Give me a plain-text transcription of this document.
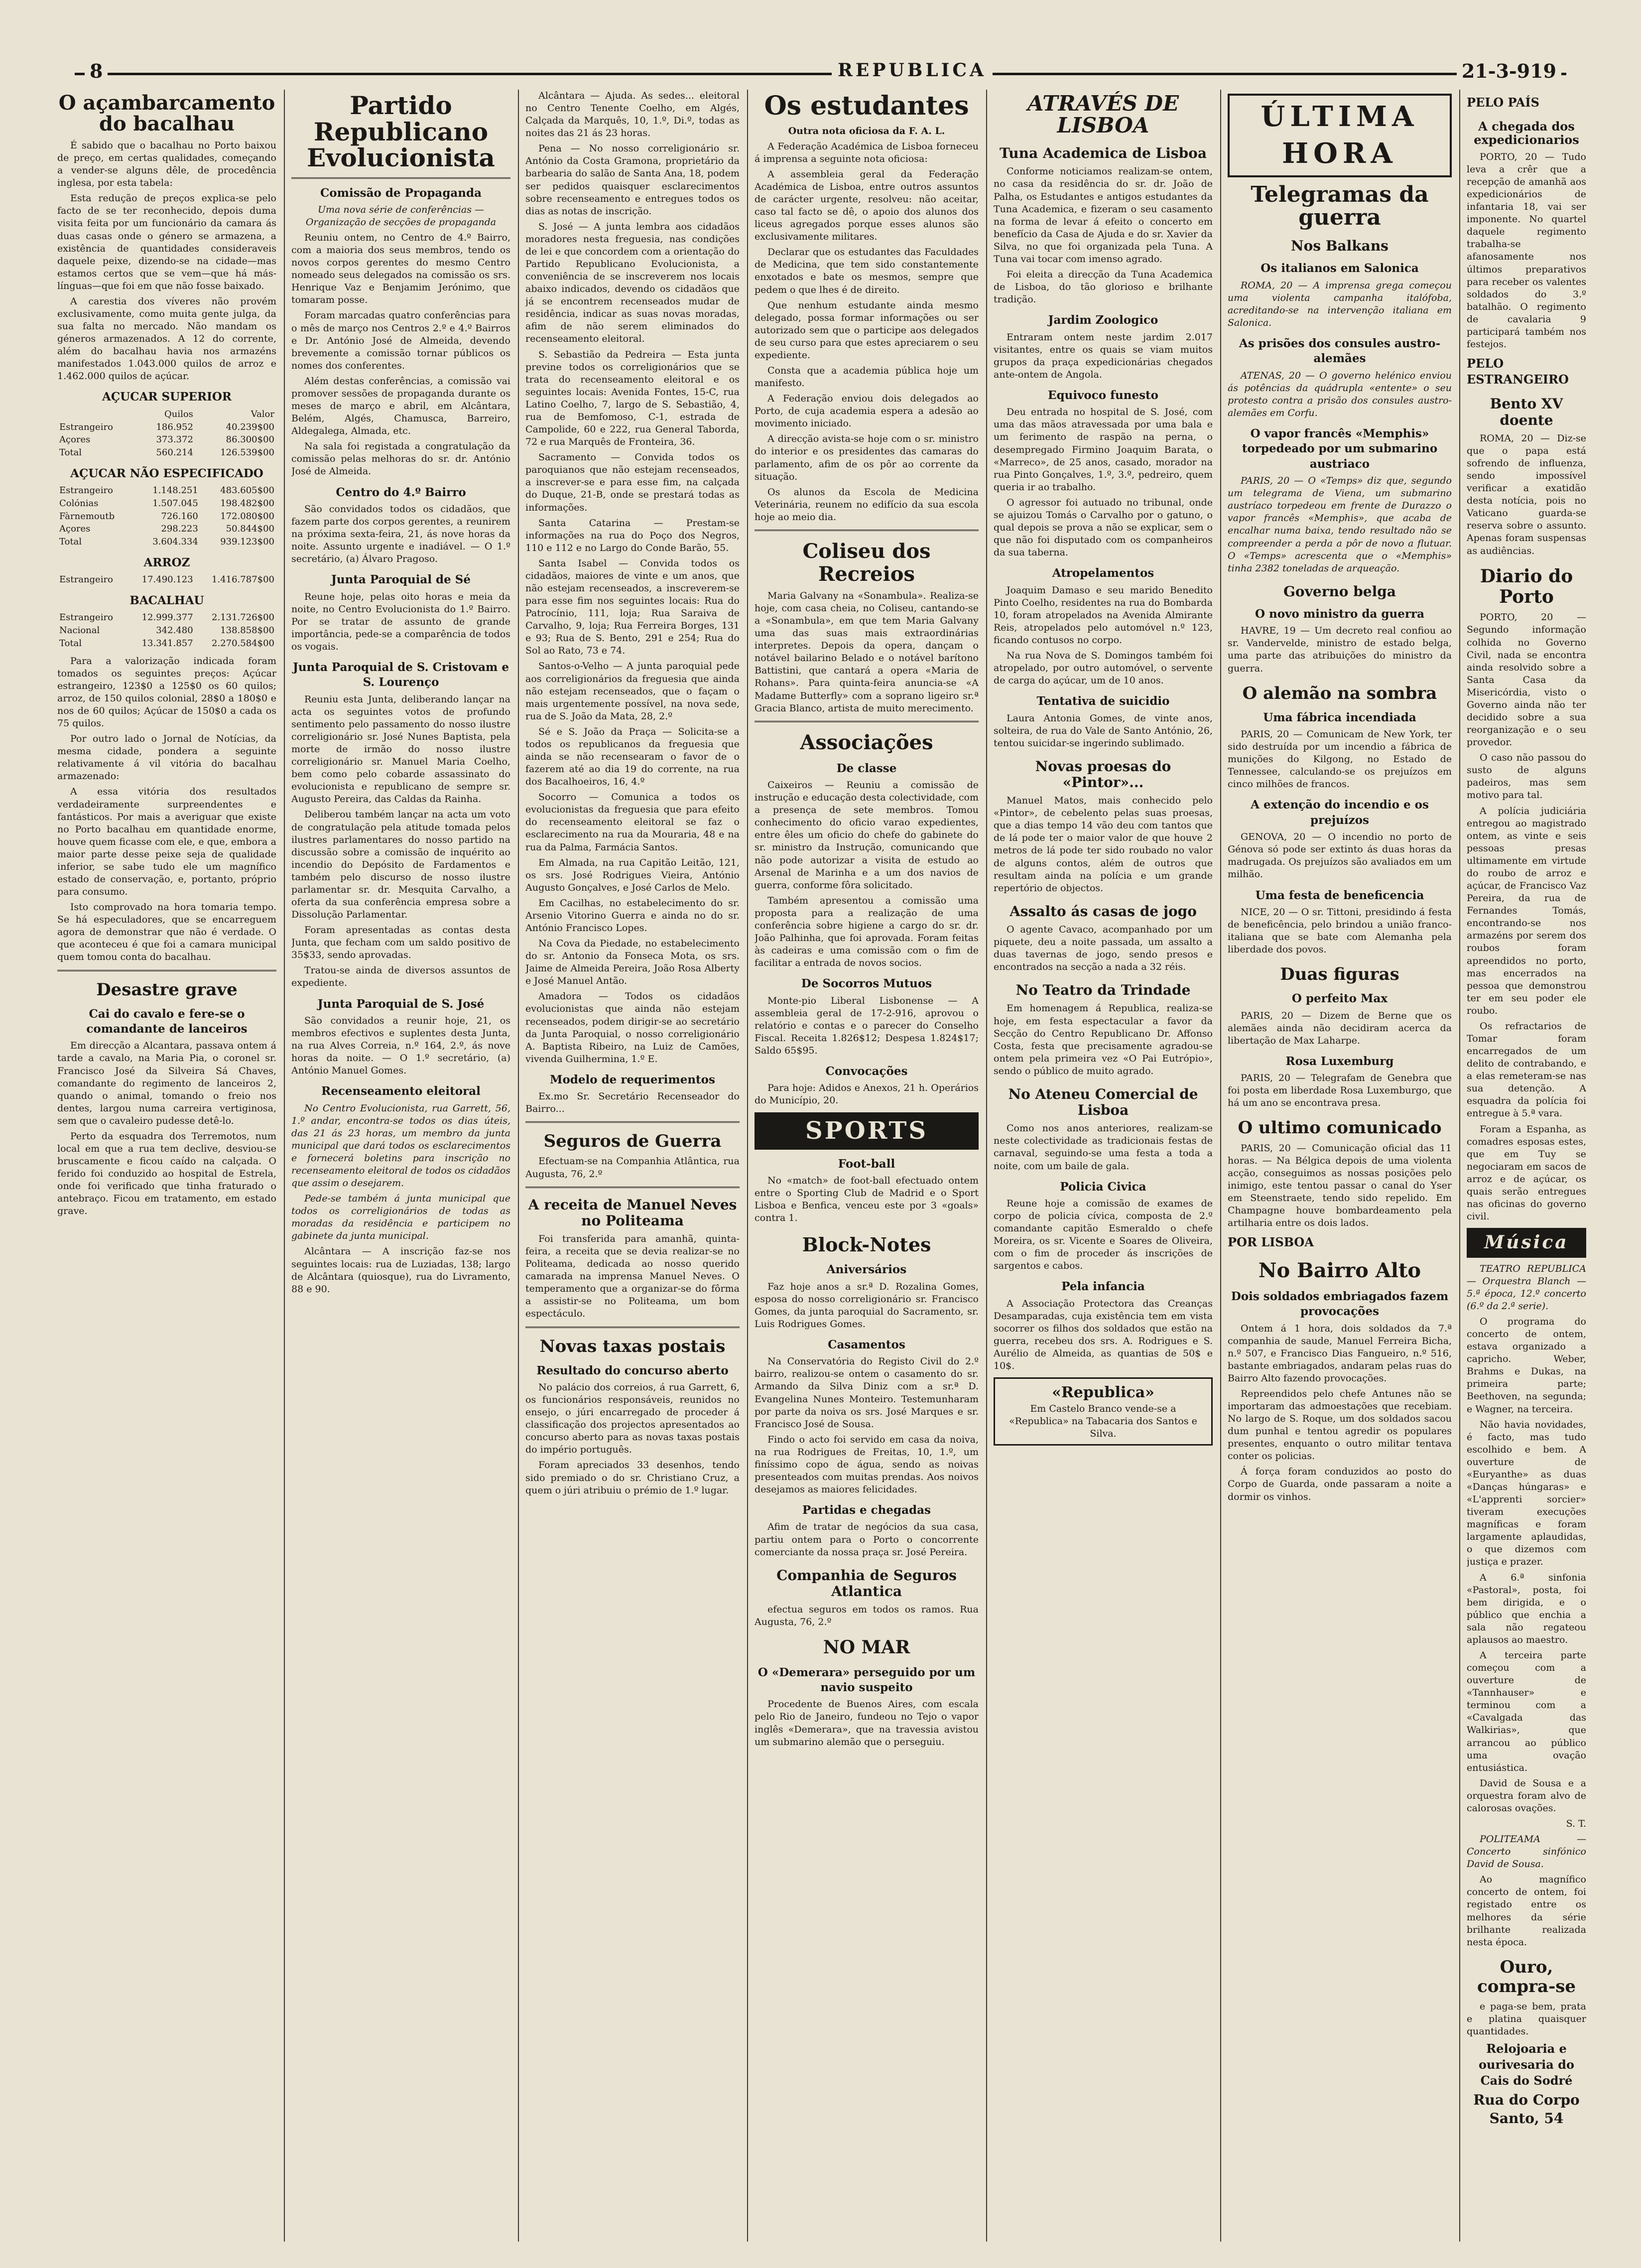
8	REPUBLICA	21-3-919
O açambarcamento do bacalhau

É sabido que o bacalhau no Porto baixou de preço, em certas qualidades, começando a vender-se alguns dêle, de procedência inglesa, por esta tabela:

Esta redução de preços explica-se pelo facto de se ter reconhecido, depois duma visita feita por um funcionário da camara ás duas casas onde o género se armazena, a existência de quantidades consideraveis daquele peixe, dizendo-se na cidade—mas estamos certos que se vem—que há más-línguas—que foi em que não fosse baixado.

A carestia dos víveres não provém exclusivamente, como muita gente julga, da sua falta no mercado. Não mandam os géneros armazenados. A 12 do corrente, além do bacalhau havia nos armazéns manifestados 1.043.000 quilos de arroz e 1.462.000 quilos de açúcar.

AÇUCAR SUPERIOR
	Quilos	Valor
Estrangeiro	186.952	40.239$00
Açores	373.372	86.300$00
Total	560.214	126.539$00
AÇUCAR NÃO ESPECIFICADO
Estrangeiro	1.148.251	483.605$00
Colónias	1.507.045	198.482$00
Fàrnemoutb	726.160	172.080$00
Açores	298.223	50.844$00
Total	3.604.334	939.123$00
ARROZ
Estrangeiro	17.490.123	1.416.787$00
BACALHAU
Estrangeiro	12.999.377	2.131.726$00
Nacional	342.480	138.858$00
Total	13.341.857	2.270.584$00

Para a valorização indicada foram tomados os seguintes preços: Açúcar estrangeiro, 123$0 a 125$0 os 60 quilos; arroz, de 150 quilos colonial, 28$0 a 180$0 e nos de 60 quilos; Açúcar de 150$0 a cada os 75 quilos.

Por outro lado o Jornal de Notícias, da mesma cidade, pondera a seguinte relativamente á vil vitória do bacalhau armazenado:

A essa vitória dos resultados verdadeiramente surpreendentes e fantásticos. Por mais a averiguar que existe no Porto bacalhau em quantidade enorme, houve quem ficasse com ele, e que, embora a maior parte desse peixe seja de qualidade inferior, se sabe tudo ele um magnífico estado de conservação, e, portanto, próprio para consumo.

Isto comprovado na hora tomaria tempo. Se há especuladores, que se encarreguem agora de demonstrar que não é verdade. O que aconteceu é que foi a camara municipal quem tomou conta do bacalhau.

Desastre grave
Cai do cavalo e fere-se o comandante de lanceiros

Em direcção a Alcantara, passava ontem á tarde a cavalo, na Maria Pia, o coronel sr. Francisco José da Silveira Sá Chaves, comandante do regimento de lanceiros 2, quando o animal, tomando o freio nos dentes, largou numa carreira vertiginosa, sem que o cavaleiro pudesse detê-lo.

Perto da esquadra dos Terremotos, num local em que a rua tem declive, desviou-se bruscamente e ficou caído na calçada. O ferido foi conduzido ao hospital de Estrela, onde foi verificado que tinha fraturado o antebraço. Ficou em tratamento, em estado grave.

Partido Republicano Evolucionista
Comissão de Propaganda

Uma nova série de conferências — Organização de secções de propaganda

Reuniu ontem, no Centro de 4.º Bairro, com a maioria dos seus membros, tendo os novos corpos gerentes do mesmo Centro nomeado seus delegados na comissão os srs. Henrique Vaz e Benjamim Jerónimo, que tomaram posse.

Foram marcadas quatro conferências para o mês de março nos Centros 2.º e 4.º Bairros e Dr. António José de Almeida, devendo brevemente a comissão tornar públicos os nomes dos conferentes.

Além destas conferências, a comissão vai promover sessões de propaganda durante os meses de março e abril, em Alcântara, Belém, Algés, Chamusca, Barreiro, Aldegalega, Almada, etc.

Na sala foi registada a congratulação da comissão pelas melhoras do sr. dr. António José de Almeida.

Centro do 4.º Bairro

São convidados todos os cidadãos, que fazem parte dos corpos gerentes, a reunirem na próxima sexta-feira, 21, ás nove horas da noite. Assunto urgente e inadiável. — O 1.º secretário, (a) Álvaro Pragoso.

Junta Paroquial de Sé

Reune hoje, pelas oito horas e meia da noite, no Centro Evolucionista do 1.º Bairro. Por se tratar de assunto de grande importância, pede-se a comparência de todos os vogais.

Junta Paroquial de S. Cristovam e S. Lourenço

Reuniu esta Junta, deliberando lançar na acta os seguintes votos de profundo sentimento pelo passamento do nosso ilustre correligionário sr. José Nunes Baptista, pela morte de irmão do nosso ilustre correligionário sr. Manuel Maria Coelho, bem como pelo cobarde assassinato do evolucionista e republicano de sempre sr. Augusto Pereira, das Caldas da Rainha.

Deliberou também lançar na acta um voto de congratulação pela atitude tomada pelos ilustres parlamentares do nosso partido na discussão sobre a comissão de inquérito ao incendio do Depósito de Fardamentos e também pelo discurso de nosso ilustre parlamentar sr. dr. Mesquita Carvalho, a oferta da sua conferência empresa sobre a Dissolução Parlamentar.

Foram apresentadas as contas desta Junta, que fecham com um saldo positivo de 35$33, sendo aprovadas.

Tratou-se ainda de diversos assuntos de expediente.

Junta Paroquial de S. José

São convidados a reunir hoje, 21, os membros efectivos e suplentes desta Junta, na rua Alves Correia, n.º 164, 2.º, ás nove horas da noite. — O 1.º secretário, (a) António Manuel Gomes.

Recenseamento eleitoral

No Centro Evolucionista, rua Garrett, 56, 1.º andar, encontra-se todos os dias úteis, das 21 ás 23 horas, um membro da junta municipal que dará todos os esclarecimentos e fornecerá boletins para inscrição no recenseamento eleitoral de todos os cidadãos que assim o desejarem.

Pede-se também á junta municipal que todos os correligionários de todas as moradas da residência e participem no gabinete da junta municipal.

Alcântara — A inscrição faz-se nos seguintes locais: rua de Luziadas, 138; largo de Alcântara (quiosque), rua do Livramento, 88 e 90.

Alcântara — Ajuda. As sedes... eleitoral no Centro Tenente Coelho, em Algés, Calçada da Marquês, 10, 1.º, Di.º, todas as noites das 21 ás 23 horas.

Pena — No nosso correligionário sr. António da Costa Gramona, proprietário da barbearia do salão de Santa Ana, 18, podem ser pedidos quaisquer esclarecimentos sobre recenseamento e entregues todos os dias as notas de inscrição.

S. José — A junta lembra aos cidadãos moradores nesta freguesia, nas condições de lei e que concordem com a orientação do Partido Republicano Evolucionista, a conveniência de se inscreverem nos locais abaixo indicados, devendo os cidadãos que já se encontrem recenseados mudar de residência, indicar as suas novas moradas, afim de não serem eliminados do recenseamento eleitoral.

S. Sebastião da Pedreira — Esta junta previne todos os correligionários que se trata do recenseamento eleitoral e os seguintes locais: Avenida Fontes, 15-C, rua Latino Coelho, 7, largo de S. Sebastião, 4, rua de Bemfomoso, C-1, estrada de Campolide, 60 e 222, rua General Taborda, 72 e rua Marquês de Fronteira, 36.

Sacramento — Convida todos os paroquianos que não estejam recenseados, a inscrever-se e para esse fim, na calçada do Duque, 21-B, onde se prestará todas as informações.

Santa Catarina — Prestam-se informações na rua do Poço dos Negros, 110 e 112 e no Largo do Conde Barão, 55.

Santa Isabel — Convida todos os cidadãos, maiores de vinte e um anos, que não estejam recenseados, a inscreverem-se para esse fim nos seguintes locais: Rua do Patrocínio, 111, loja; Rua Saraiva de Carvalho, 9, loja; Rua Ferreira Borges, 131 e 93; Rua de S. Bento, 291 e 254; Rua do Sol ao Rato, 73 e 74.

Santos-o-Velho — A junta paroquial pede aos correligionários da freguesia que ainda não estejam recenseados, que o façam o mais urgentemente possível, na nova sede, rua de S. João da Mata, 28, 2.º

Sé e S. João da Praça — Solicita-se a todos os republicanos da freguesia que ainda se não recensearam o favor de o fazerem até ao dia 19 do corrente, na rua dos Bacalhoeiros, 16, 4.º

Socorro — Comunica a todos os evolucionistas da freguesia que para efeito do recenseamento eleitoral se faz o esclarecimento na rua da Mouraria, 48 e na rua da Palma, Farmácia Santos.

Em Almada, na rua Capitão Leitão, 121, os srs. José Rodrigues Vieira, António Augusto Gonçalves, e José Carlos de Melo.

Em Cacilhas, no estabelecimento do sr. Arsenio Vitorino Guerra e ainda no do sr. António Francisco Lopes.

Na Cova da Piedade, no estabelecimento do sr. Antonio da Fonseca Mota, os srs. Jaime de Almeida Pereira, João Rosa Alberty e José Manuel Antão.

Amadora — Todos os cidadãos evolucionistas que ainda não estejam recenseados, podem dirigir-se ao secretário da Junta Paroquial, o nosso correligionário A. Baptista Ribeiro, na Luiz de Camões, vivenda Guilhermina, 1.º E.

Modelo de requerimentos

Ex.mo Sr. Secretário Recenseador do Bairro...

Seguros de Guerra

Efectuam-se na Companhia Atlântica, rua Augusta, 76, 2.º

A receita de Manuel Neves no Politeama

Foi transferida para amanhã, quinta-feira, a receita que se devia realizar-se no Politeama, dedicada ao nosso querido camarada na imprensa Manuel Neves. O temperamento que a organizar-se do fôrma a assistir-se no Politeama, um bom espectáculo.

Novas taxas postais
Resultado do concurso aberto

No palácio dos correios, á rua Garrett, 6, os funcionários responsáveis, reunidos no ensejo, o júri encarregado de proceder á classificação dos projectos apresentados ao concurso aberto para as novas taxas postais do império português.

Foram apreciados 33 desenhos, tendo sido premiado o do sr. Christiano Cruz, a quem o júri atribuiu o prémio de 1.º lugar.

Os estudantes

Outra nota oficiosa da F. A. L.

A Federação Académica de Lisboa forneceu á imprensa a seguinte nota oficiosa:

A assembleia geral da Federação Académica de Lisboa, entre outros assuntos de carácter urgente, resolveu: não aceitar, caso tal facto se dê, o apoio dos alunos dos liceus agregados porque esses alunos são exclusivamente militares.

Declarar que os estudantes das Faculdades de Medicina, que tem sido constantemente enxotados e bate os mesmos, sempre que pedem o que lhes é de direito.

Que nenhum estudante ainda mesmo delegado, possa formar informações ou ser autorizado sem que o participe aos delegados de seu curso para que estes apreciarem o seu expediente.

Consta que a academia pública hoje um manifesto.

A Federação enviou dois delegados ao Porto, de cuja academia espera a adesão ao movimento iniciado.

A direcção avista-se hoje com o sr. ministro do interior e os presidentes das camaras do parlamento, afim de os pôr ao corrente da situação.

Os alunos da Escola de Medicina Veterinária, reunem no edifício da sua escola hoje ao meio dia.

Coliseu dos Recreios

Maria Galvany na «Sonambula». Realiza-se hoje, com casa cheia, no Coliseu, cantando-se a «Sonambula», em que tem Maria Galvany uma das suas mais extraordinárias interpretes. Depois da opera, dançam o notável bailarino Belado e o notável barítono Battistini, que cantará a opera «Maria de Rohans». Para quinta-feira anuncia-se «A Madame Butterfly» com a soprano ligeiro sr.ª Gracia Blanco, artista de muito merecimento.

Associações
De classe

Caixeiros — Reuniu a comissão de instrução e educação desta colectividade, com a presença de sete membros. Tomou conhecimento do oficio varao expedientes, entre êles um oficio do chefe do gabinete do sr. ministro da Instrução, comunicando que não pode autorizar a visita de estudo ao Arsenal de Marinha e a um dos navios de guerra, conforme fôra solicitado.

Também apresentou a comissão uma proposta para a realização de uma conferência sobre higiene a cargo do sr. dr. João Palhinha, que foi aprovada. Foram feitas às cadeiras e uma comissão com o fim de facilitar a entrada de novos socios.

De Socorros Mutuos

Monte-pio Liberal Lisbonense — A assembleia geral de 17-2-916, aprovou o relatório e contas e o parecer do Conselho Fiscal. Receita 1.826$12; Despesa 1.824$17; Saldo 65$95.

Convocações

Para hoje: Adidos e Anexos, 21 h. Operários do Município, 20.

SPORTS
Foot-ball

No «match» de foot-ball efectuado ontem entre o Sporting Club de Madrid e o Sport Lisboa e Benfica, venceu este por 3 «goals» contra 1.

Block-Notes
Aniversários

Faz hoje anos a sr.ª D. Rozalina Gomes, esposa do nosso correligionário sr. Francisco Gomes, da junta paroquial do Sacramento, sr. Luis Rodrigues Gomes.

Casamentos

Na Conservatória do Registo Civil do 2.º bairro, realizou-se ontem o casamento do sr. Armando da Silva Diniz com a sr.ª D. Evangelina Nunes Monteiro. Testemunharam por parte da noiva os srs. José Marques e sr. Francisco José de Sousa.

Findo o acto foi servido em casa da noiva, na rua Rodrigues de Freitas, 10, 1.º, um finíssimo copo de água, sendo as noivas presenteados com muitas prendas. Aos noivos desejamos as maiores felicidades.

Partidas e chegadas

Afim de tratar de negócios da sua casa, partiu ontem para o Porto o concorrente comerciante da nossa praça sr. José Pereira.

Companhia de Seguros Atlantica

efectua seguros em todos os ramos. Rua Augusta, 76, 2.º

NO MAR
O «Demerara» perseguido por um navio suspeito

Procedente de Buenos Aires, com escala pelo Rio de Janeiro, fundeou no Tejo o vapor inglês «Demerara», que na travessia avistou um submarino alemão que o perseguiu.

ATRAVÉS DE LISBOA
Tuna Academica de Lisboa

Conforme noticiamos realizam-se ontem, no casa da residência do sr. dr. João de Palha, os Estudantes e antigos estudantes da Tuna Academica, e fizeram o seu casamento na forma de levar á efeito o concerto em benefício da Casa de Ajuda e do sr. Xavier da Silva, no que foi organizada pela Tuna. A Tuna vai tocar com imenso agrado.

Foi eleita a direcção da Tuna Academica de Lisboa, do tão glorioso e brilhante tradição.

Jardim Zoologico

Entraram ontem neste jardim 2.017 visitantes, entre os quais se viam muitos grupos da praça expedicionárias chegados ante-ontem de Angola.

Equivoco funesto

Deu entrada no hospital de S. José, com uma das mãos atravessada por uma bala e um ferimento de raspão na perna, o desempregado Firmino Joaquim Barata, o «Marreco», de 25 anos, casado, morador na rua Pinto Gonçalves, 1.º, 3.º, pedreiro, quem queria ir ao trabalho.

O agressor foi autuado no tribunal, onde se ajuizou Tomás o Carvalho por o gatuno, o qual depois se prova a não se explicar, sem o que não foi disputado com os companheiros da sua taberna.

Atropelamentos

Joaquim Damaso e seu marido Benedito Pinto Coelho, residentes na rua do Bombarda 10, foram atropelados na Avenida Almirante Reis, atropelados pelo automóvel n.º 123, ficando contusos no corpo.

Na rua Nova de S. Domingos também foi atropelado, por outro automóvel, o servente de carga do açúcar, um de 10 anos.

Tentativa de suicidio

Laura Antonia Gomes, de vinte anos, solteira, de rua do Vale de Santo António, 26, tentou suicidar-se ingerindo sublimado.

Novas proesas do «Pintor»...

Manuel Matos, mais conhecido pelo «Pintor», de cebelento pelas suas proesas, que a dias tempo 14 vão deu com tantos que de lá pode ter o maior valor de que houve 2 metros de lá pode ter sido roubado no valor de alguns contos, além de outros que resultam ainda na polícia e um grande repertório de objectos.

Assalto ás casas de jogo

O agente Cavaco, acompanhado por um piquete, deu a noite passada, um assalto a duas tavernas de jogo, sendo presos e encontrados na secção a nada a 32 réis.

No Teatro da Trindade

Em homenagem á Republica, realiza-se hoje, em festa espectacular a favor da Secção do Centro Republicano Dr. Affonso Costa, festa que precisamente agradou-se ontem pela primeira vez «O Pai Eutrópio», sendo o público de muito agrado.

No Ateneu Comercial de Lisboa

Como nos anos anteriores, realizam-se neste colectividade as tradicionais festas de carnaval, seguindo-se uma festa a toda a noite, com um baile de gala.

Policia Civica

Reune hoje a comissão de exames de corpo de policia cívica, composta de 2.º comandante capitão Esmeraldo o chefe Moreira, os sr. Vicente e Soares de Oliveira, com o fim de proceder ás inscrições de sargentos e cabos.

Pela infancia

A Associação Protectora das Creanças Desamparadas, cuja existência tem em vista socorrer os filhos dos soldados que estão na guerra, recebeu dos srs. A. Rodrigues e S. Aurélio de Almeida, as quantias de 50$ e 10$.

«Republica»
Em Castelo Branco vende-se a «Republica» na Tabacaria dos Santos e Silva.
ÚLTIMA HORA
Telegramas da guerra
Nos Balkans
Os italianos em Salonica

ROMA, 20 — A imprensa grega começou uma violenta campanha italófoba, acreditando-se na intervenção italiana em Salonica.

As prisões dos consules austro-alemães

ATENAS, 20 — O governo helénico enviou ás potências da quádrupla «entente» o seu protesto contra a prisão dos consules austro-alemães em Corfu.

O vapor francês «Memphis» torpedeado por um submarino austriaco

PARIS, 20 — O «Temps» diz que, segundo um telegrama de Viena, um submarino austríaco torpedeou em frente de Durazzo o vapor francês «Memphis», que acaba de encalhar numa baixa, tendo resultado não se compreender a perda a pôr de novo a flutuar. O «Temps» acrescenta que o «Memphis» tinha 2382 toneladas de arqueação.

Governo belga
O novo ministro da guerra

HAVRE, 19 — Um decreto real confiou ao sr. Vandervelde, ministro de estado belga, uma parte das atribuições do ministro da guerra.

O alemão na sombra
Uma fábrica incendiada

PARIS, 20 — Comunicam de New York, ter sido destruída por um incendio a fábrica de munições do Kilgong, no Estado de Tennessee, calculando-se os prejuízos em cinco milhões de francos.

A extenção do incendio e os prejuízos

GENOVA, 20 — O incendio no porto de Génova só pode ser extinto ás duas horas da madrugada. Os prejuízos são avaliados em um milhão.

Uma festa de beneficencia

NICE, 20 — O sr. Tittoni, presidindo á festa de beneficência, pelo brindou a união franco-italiana que se bate com Alemanha pela liberdade dos povos.

Duas figuras
O perfeito Max

PARIS, 20 — Dizem de Berne que os alemães ainda não decidiram acerca da libertação de Max Laharpe.

Rosa Luxemburg

PARIS, 20 — Telegrafam de Genebra que foi posta em liberdade Rosa Luxemburgo, que há um ano se encontrava presa.

O ultimo comunicado

PARIS, 20 — Comunicação oficial das 11 horas. — Na Bélgica depois de uma violenta acção, conseguimos as nossas posições pelo inimigo, este tentou passar o canal do Yser em Steenstraete, tendo sido repelido. Em Champagne houve bombardeamento pela artilharia entre os dois lados.

POR LISBOA
No Bairro Alto
Dois soldados embriagados fazem provocações

Ontem á 1 hora, dois soldados da 7.ª companhia de saude, Manuel Ferreira Bicha, n.º 507, e Francisco Dias Fangueiro, n.º 516, bastante embriagados, andaram pelas ruas do Bairro Alto fazendo provocações.

Repreendidos pelo chefe Antunes não se importaram das admoestações que recebiam. No largo de S. Roque, um dos soldados sacou dum punhal e tentou agredir os populares presentes, enquanto o outro militar tentava conter os policias.

Á força foram conduzidos ao posto do Corpo de Guarda, onde passaram a noite a dormir os vinhos.

PELO PAÍS
A chegada dos expedicionarios

PORTO, 20 — Tudo leva a crêr que a recepção de amanhã aos expedicionários de infantaria 18, vai ser imponente. No quartel daquele regimento trabalha-se afanosamente nos últimos preparativos para receber os valentes soldados do 3.º batalhão. O regimento de cavalaria 9 participará também nos festejos.

PELO ESTRANGEIRO
Bento XV doente

ROMA, 20 — Diz-se que o papa está sofrendo de influenza, sendo impossível verificar a exatidão desta notícia, pois no Vaticano guarda-se reserva sobre o assunto. Apenas foram suspensas as audiências.

Diario do Porto

PORTO, 20 — Segundo informação colhida no Governo Civil, nada se encontra ainda resolvido sobre a Santa Casa da Misericórdia, visto o Governo ainda não ter decidido sobre a sua reorganização e o seu provedor.

O caso não passou do susto de alguns padeiros, mas sem motivo para tal.

A polícia judiciária entregou ao magistrado ontem, as vinte e seis pessoas presas ultimamente em virtude do roubo de arroz e açúcar, de Francisco Vaz Pereira, da rua de Fernandes Tomás, encontrando-se nos armazéns por serem dos roubos foram apreendidos no porto, mas encerrados na pessoa que demonstrou ter em seu poder ele roubo.

Os refractarios de Tomar foram encarregados de um delito de contrabando, e a elas remeteram-se nas sua detenção. A esquadra da polícia foi entregue à 5.ª vara.

Foram a Espanha, as comadres esposas estes, que em Tuy se negociaram em sacos de arroz e de açúcar, os quais serão entregues nas oficinas do governo civil.

Música

TEATRO REPUBLICA — Orquestra Blanch — 5.ª época, 12.º concerto (6.º da 2.ª serie).

O programa do concerto de ontem, estava organizado a capricho. Weber, Brahms e Dukas, na primeira parte; Beethoven, na segunda; e Wagner, na terceira.

Não havia novidades, é facto, mas tudo escolhido e bem. A ouverture de «Euryanthe» as duas «Danças húngaras» e «L'apprenti sorcier» tiveram execuções magníficas e foram largamente aplaudidas, o que dizemos com justiça e prazer.

A 6.ª sinfonia «Pastoral», posta, foi bem dirigida, e o público que enchia a sala não regateou aplausos ao maestro.

A terceira parte começou com a ouverture de «Tannhauser» e terminou com a «Cavalgada das Walkirias», que arrancou ao público uma ovação entusiástica.

David de Sousa e a orquestra foram alvo de calorosas ovações.

S. T.

POLITEAMA — Concerto sinfónico David de Sousa.

Ao magnífico concerto de ontem, foi registado entre os melhores da série brilhante realizada nesta época.

Ouro, compra-se

e paga-se bem, prata e platina quaisquer quantidades.

Relojoaria e ourivesaria do Cais do Sodré
Rua do Corpo Santo, 54
